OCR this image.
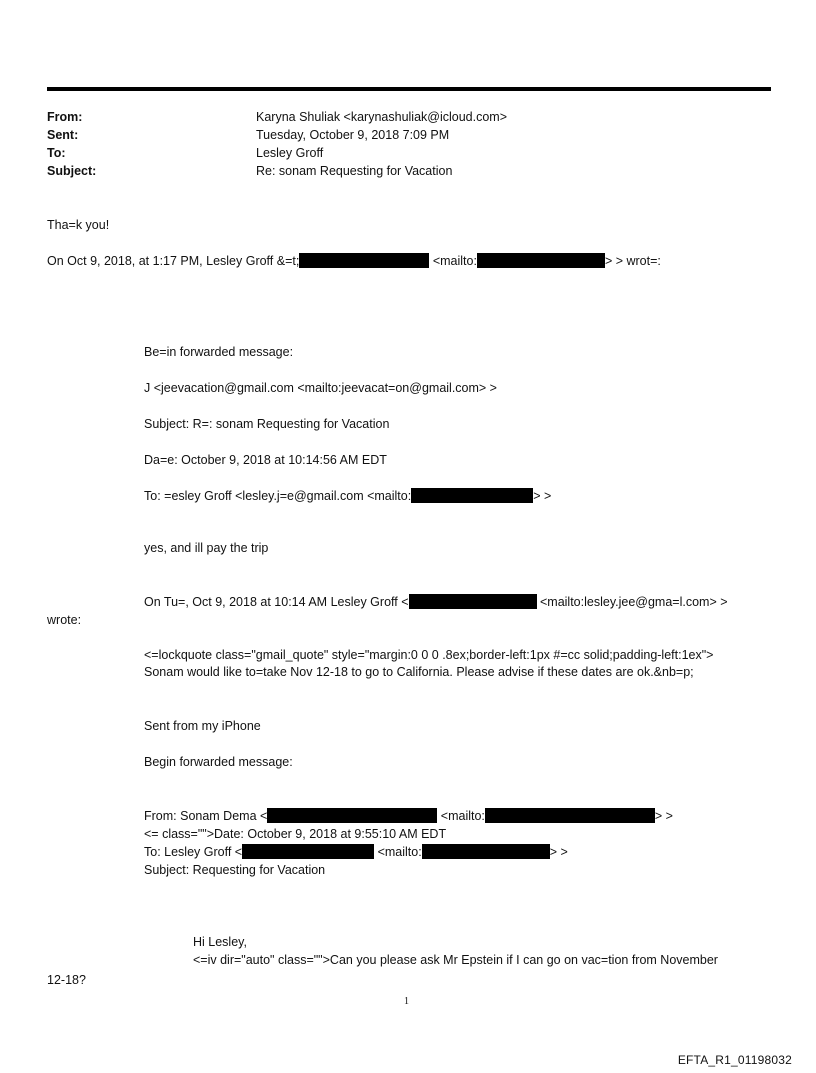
From:	Karyna Shuliak <karynashuliak@icloud.com>
Sent:	Tuesday, October 9, 2018 7:09 PM
To:	Lesley Groff
Subject:	Re: sonam Requesting for Vacation
Tha=k you!
On Oct 9, 2018, at 1:17 PM, Lesley Groff &=t;	<mailto:	> > wrot=:
Be=in forwarded message:
J <jeevacation@gmail.com <mailto:jeevacat=on@gmail.com> >
Subject: R=: sonam Requesting for Vacation
Da=e: October 9, 2018 at 10:14:56 AM EDT
To: =esley Groff <lesley.j=e@gmail.com <mailto:	> >
yes, and ill pay the trip
On Tu=, Oct 9, 2018 at 10:14 AM Lesley Groff <	<mailto:lesley.jee@gma=l.com> >
wrote:
<=lockquote class="gmail_quote" style="margin:0 0 0 .8ex;border-left:1px #=cc solid;padding-left:1ex">
Sonam would like to=take Nov 12-18 to go to California. Please advise if these dates are ok.&nb=p;
Sent from my iPhone
Begin forwarded message:
From: Sonam Dema <	<mailto:	> >
<= class="">Date: October 9, 2018 at 9:55:10 AM EDT
To: Lesley Groff <	<mailto:	> >
Subject: Requesting for Vacation
Hi Lesley,
<=iv dir="auto" class="">Can you please ask Mr Epstein if I can go on vac=tion from November
12-18?
1
EFTA_R1_01198032
